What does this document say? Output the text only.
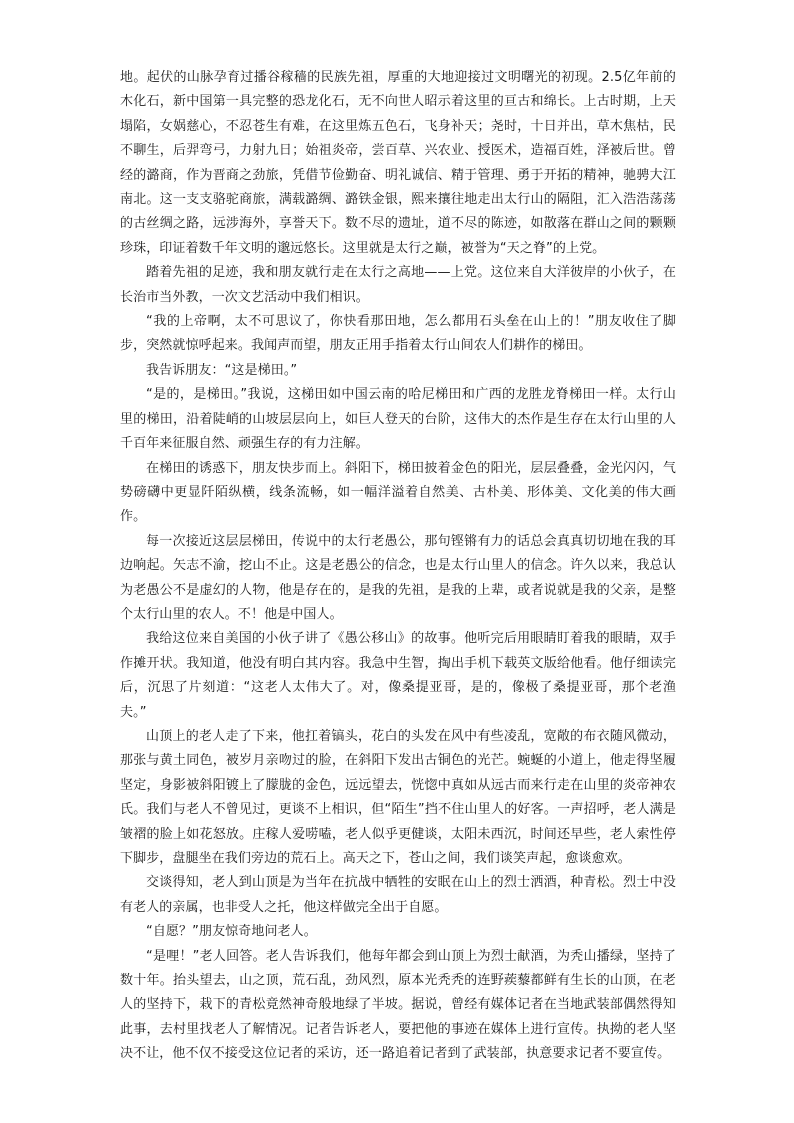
地。起伏的山脉孕育过播谷稼穑的民族先祖，厚重的大地迎接过文明曙光的初现。2.5亿年前的木化石，新中国第一具完整的恐龙化石，无不向世人昭示着这里的亘古和绵长。上古时期，上天塌陷，女娲慈心，不忍苍生有难，在这里炼五色石，飞身补天；尧时，十日并出，草木焦枯，民不聊生，后羿弯弓，力射九日；始祖炎帝，尝百草、兴农业、授医术，造福百姓，泽被后世。曾经的潞商，作为晋商之劲旅，凭借节俭勤奋、明礼诚信、精于管理、勇于开拓的精神，驰骋大江南北。这一支支骆驼商旅，满载潞绸、潞铁金银，熙来攘往地走出太行山的隔阻，汇入浩浩荡荡的古丝绸之路，远涉海外，享誉天下。数不尽的遗址，道不尽的陈迹，如散落在群山之间的颗颗珍珠，印证着数千年文明的邈远悠长。这里就是太行之巅，被誉为“天之脊”的上党。

踏着先祖的足迹，我和朋友就行走在太行之高地——上党。这位来自大洋彼岸的小伙子，在长治市当外教，一次文艺活动中我们相识。

“我的上帝啊，太不可思议了，你快看那田地，怎么都用石头垒在山上的！”朋友收住了脚步，突然就惊呼起来。我闻声而望，朋友正用手指着太行山间农人们耕作的梯田。

我告诉朋友：“这是梯田。”

“是的，是梯田。”我说，这梯田如中国云南的哈尼梯田和广西的龙胜龙脊梯田一样。太行山里的梯田，沿着陡峭的山坡层层向上，如巨人登天的台阶，这伟大的杰作是生存在太行山里的人千百年来征服自然、顽强生存的有力注解。

在梯田的诱惑下，朋友快步而上。斜阳下，梯田披着金色的阳光，层层叠叠，金光闪闪，气势磅礴中更显阡陌纵横，线条流畅，如一幅洋溢着自然美、古朴美、形体美、文化美的伟大画作。

每一次接近这层层梯田，传说中的太行老愚公，那句铿锵有力的话总会真真切切地在我的耳边响起。矢志不渝，挖山不止。这是老愚公的信念，也是太行山里人的信念。许久以来，我总认为老愚公不是虚幻的人物，他是存在的，是我的先祖，是我的上辈，或者说就是我的父亲，是整个太行山里的农人。不！他是中国人。

我给这位来自美国的小伙子讲了《愚公移山》的故事。他听完后用眼睛盯着我的眼睛，双手作摊开状。我知道，他没有明白其内容。我急中生智，掏出手机下载英文版给他看。他仔细读完后，沉思了片刻道：“这老人太伟大了。对，像桑提亚哥，是的，像极了桑提亚哥，那个老渔夫。”

山顶上的老人走了下来，他扛着镐头，花白的头发在风中有些凌乱，宽敞的布衣随风微动，那张与黄土同色，被岁月亲吻过的脸，在斜阳下发出古铜色的光芒。蜿蜒的小道上，他走得坚履坚定，身影被斜阳镀上了朦胧的金色，远远望去，恍惚中真如从远古而来行走在山里的炎帝神农氏。我们与老人不曾见过，更谈不上相识，但“陌生”挡不住山里人的好客。一声招呼，老人满是皱褶的脸上如花怒放。庄稼人爱唠嗑，老人似乎更健谈，太阳未西沉，时间还早些，老人索性停下脚步，盘腿坐在我们旁边的荒石上。高天之下，苍山之间，我们谈笑声起，愈谈愈欢。

交谈得知，老人到山顶是为当年在抗战中牺牲的安眠在山上的烈士洒酒，种青松。烈士中没有老人的亲属，也非受人之托，他这样做完全出于自愿。

“自愿？”朋友惊奇地问老人。

“是哩！”老人回答。老人告诉我们，他每年都会到山顶上为烈士献酒，为秃山播绿，坚持了数十年。抬头望去，山之顶，荒石乱，劲风烈，原本光秃秃的连野蒺藜都鲜有生长的山顶，在老人的坚持下，栽下的青松竟然神奇般地绿了半坡。据说，曾经有媒体记者在当地武装部偶然得知此事，去村里找老人了解情况。记者告诉老人，要把他的事迹在媒体上进行宣传。执拗的老人坚决不让，他不仅不接受这位记者的采访，还一路追着记者到了武装部，执意要求记者不要宣传。
